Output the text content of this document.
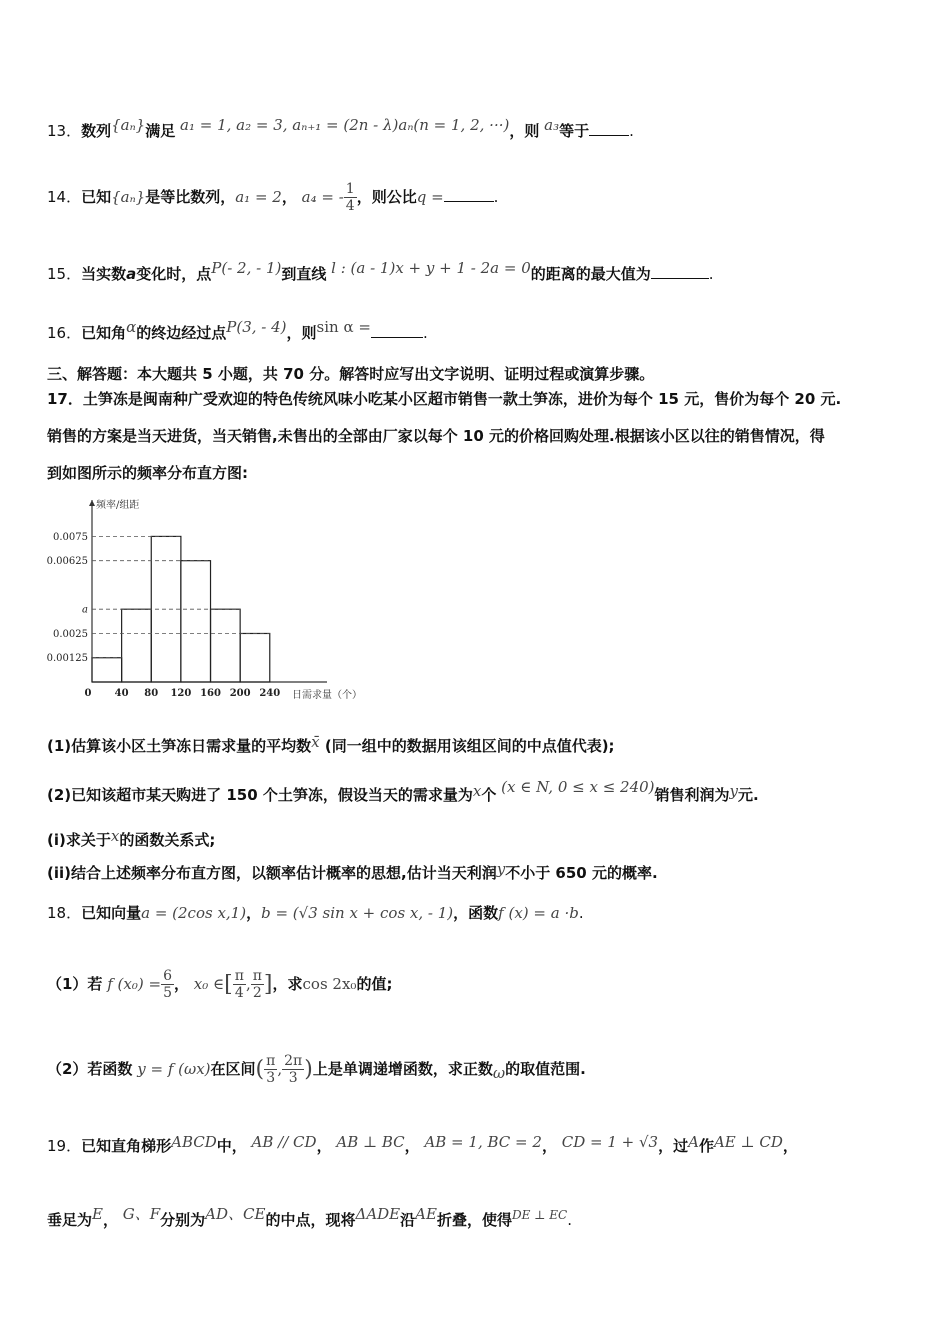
13．数列{aₙ}满足 a₁ = 1, a₂ = 3, aₙ₊₁ = (2n - λ)aₙ(n = 1, 2, ···)，则 a₃等于	.
14．已知{aₙ}是等比数列，a₁ = 2， a₄ = - $\frac{1}{4}$ ，则公比q =	.
15．当实数a变化时，点P(- 2, - 1)到直线 l : (a - 1)x + y + 1 - 2a = 0的距离的最大值为	.
16．已知角α的终边经过点P(3, - 4)，则sin α =	.
三、解答题：本大题共 5 小题，共 70 分。解答时应写出文字说明、证明过程或演算步骤。
17．土笋冻是闽南种广受欢迎的特色传统风味小吃某小区超市销售一款土笋冻，进价为每个 15 元，售价为每个 20 元.
销售的方案是当天进货，当天销售,未售出的全部由厂家以每个 10 元的价格回购处理.根据该小区以往的销售情况，得
到如图所示的频率分布直方图:
频率/组距
日需求量（个）
0.00125
0.0025
a
0.00625
0.0075
0 40 80 120 160 200 240
(1)估算该小区土笋冻日需求量的平均数x̄ (同一组中的数据用该组区间的中点值代表);
(2)已知该超市某天购进了 150 个土笋冻，假设当天的需求量为x个 (x ∈ N, 0 ≤ x ≤ 240)销售利润为y元.
(i)求关于x的函数关系式;
(ii)结合上述频率分布直方图，以额率估计概率的思想,估计当天利润y不小于 650 元的概率.
18．已知向量a = (2cos x,1)，b = (√3 sin x + cos x, - 1)，函数f (x) = a ·b.
（1）若 f $(x_0) = \frac{6}{5}$ ， x₀ ∈[ $\frac{\pi}{4}$ , $\frac{\pi}{2}$ ]，求cos 2x₀的值;
（2）若函数 y = f (ωx)在区间( $\frac{\pi}{3}$ , $\frac{2\pi}{3}$ )上是单调递增函数，求正数ω的取值范围.
19．已知直角梯形ABCD中， AB // CD， AB ⊥ BC， AB = 1, BC = 2， CD = 1 + √3，过A作AE ⊥ CD，
垂足为E， G、F分别为AD、CE的中点，现将ΔADE沿AE折叠，使得$^{DE \perp EC}$.
